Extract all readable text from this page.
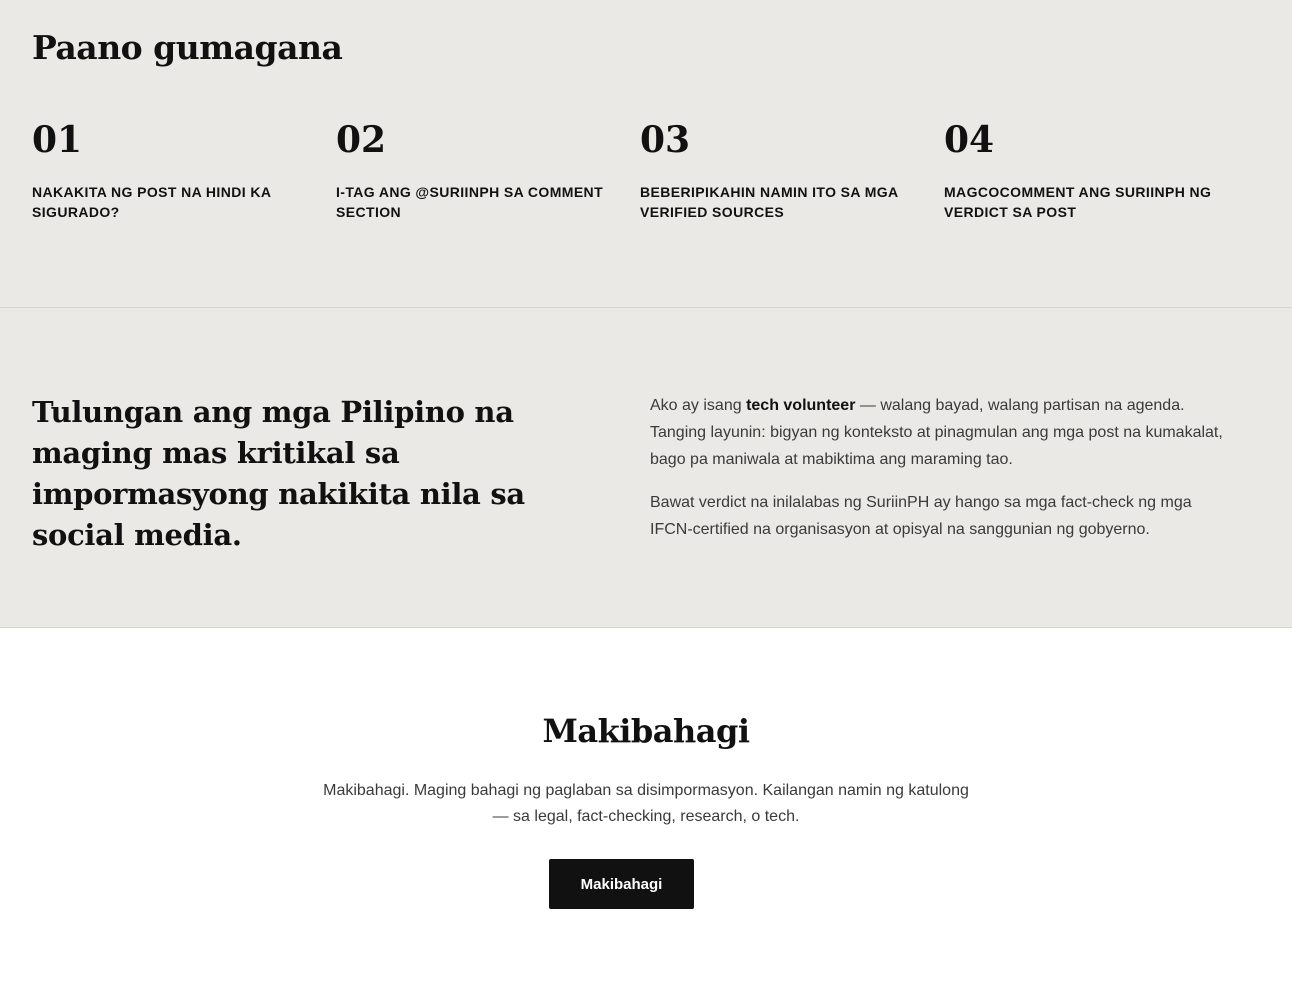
Paano gumagana
01
NAKAKITA NG POST NA HINDI KA SIGURADO?
02
I-TAG ANG @SURIINPH SA COMMENT SECTION
03
BEBERIPIKAHIN NAMIN ITO SA MGA VERIFIED SOURCES
04
MAGCOCOMMENT ANG SURIINPH NG VERDICT SA POST
Tulungan ang mga Pilipino na maging mas kritikal sa impormasyong nakikita nila sa social media.

Ako ay isang tech volunteer — walang bayad, walang partisan na agenda. Tanging layunin: bigyan ng konteksto at pinagmulan ang mga post na kumakalat, bago pa maniwala at mabiktima ang maraming tao.

Bawat verdict na inilalabas ng SuriinPH ay hango sa mga fact-check ng mga IFCN-certified na organisasyon at opisyal na sanggunian ng gobyerno.

Makibahagi

Makibahagi. Maging bahagi ng paglaban sa disimpormasyon. Kailangan namin ng katulong — sa legal, fact-checking, research, o tech.

Makibahagi
